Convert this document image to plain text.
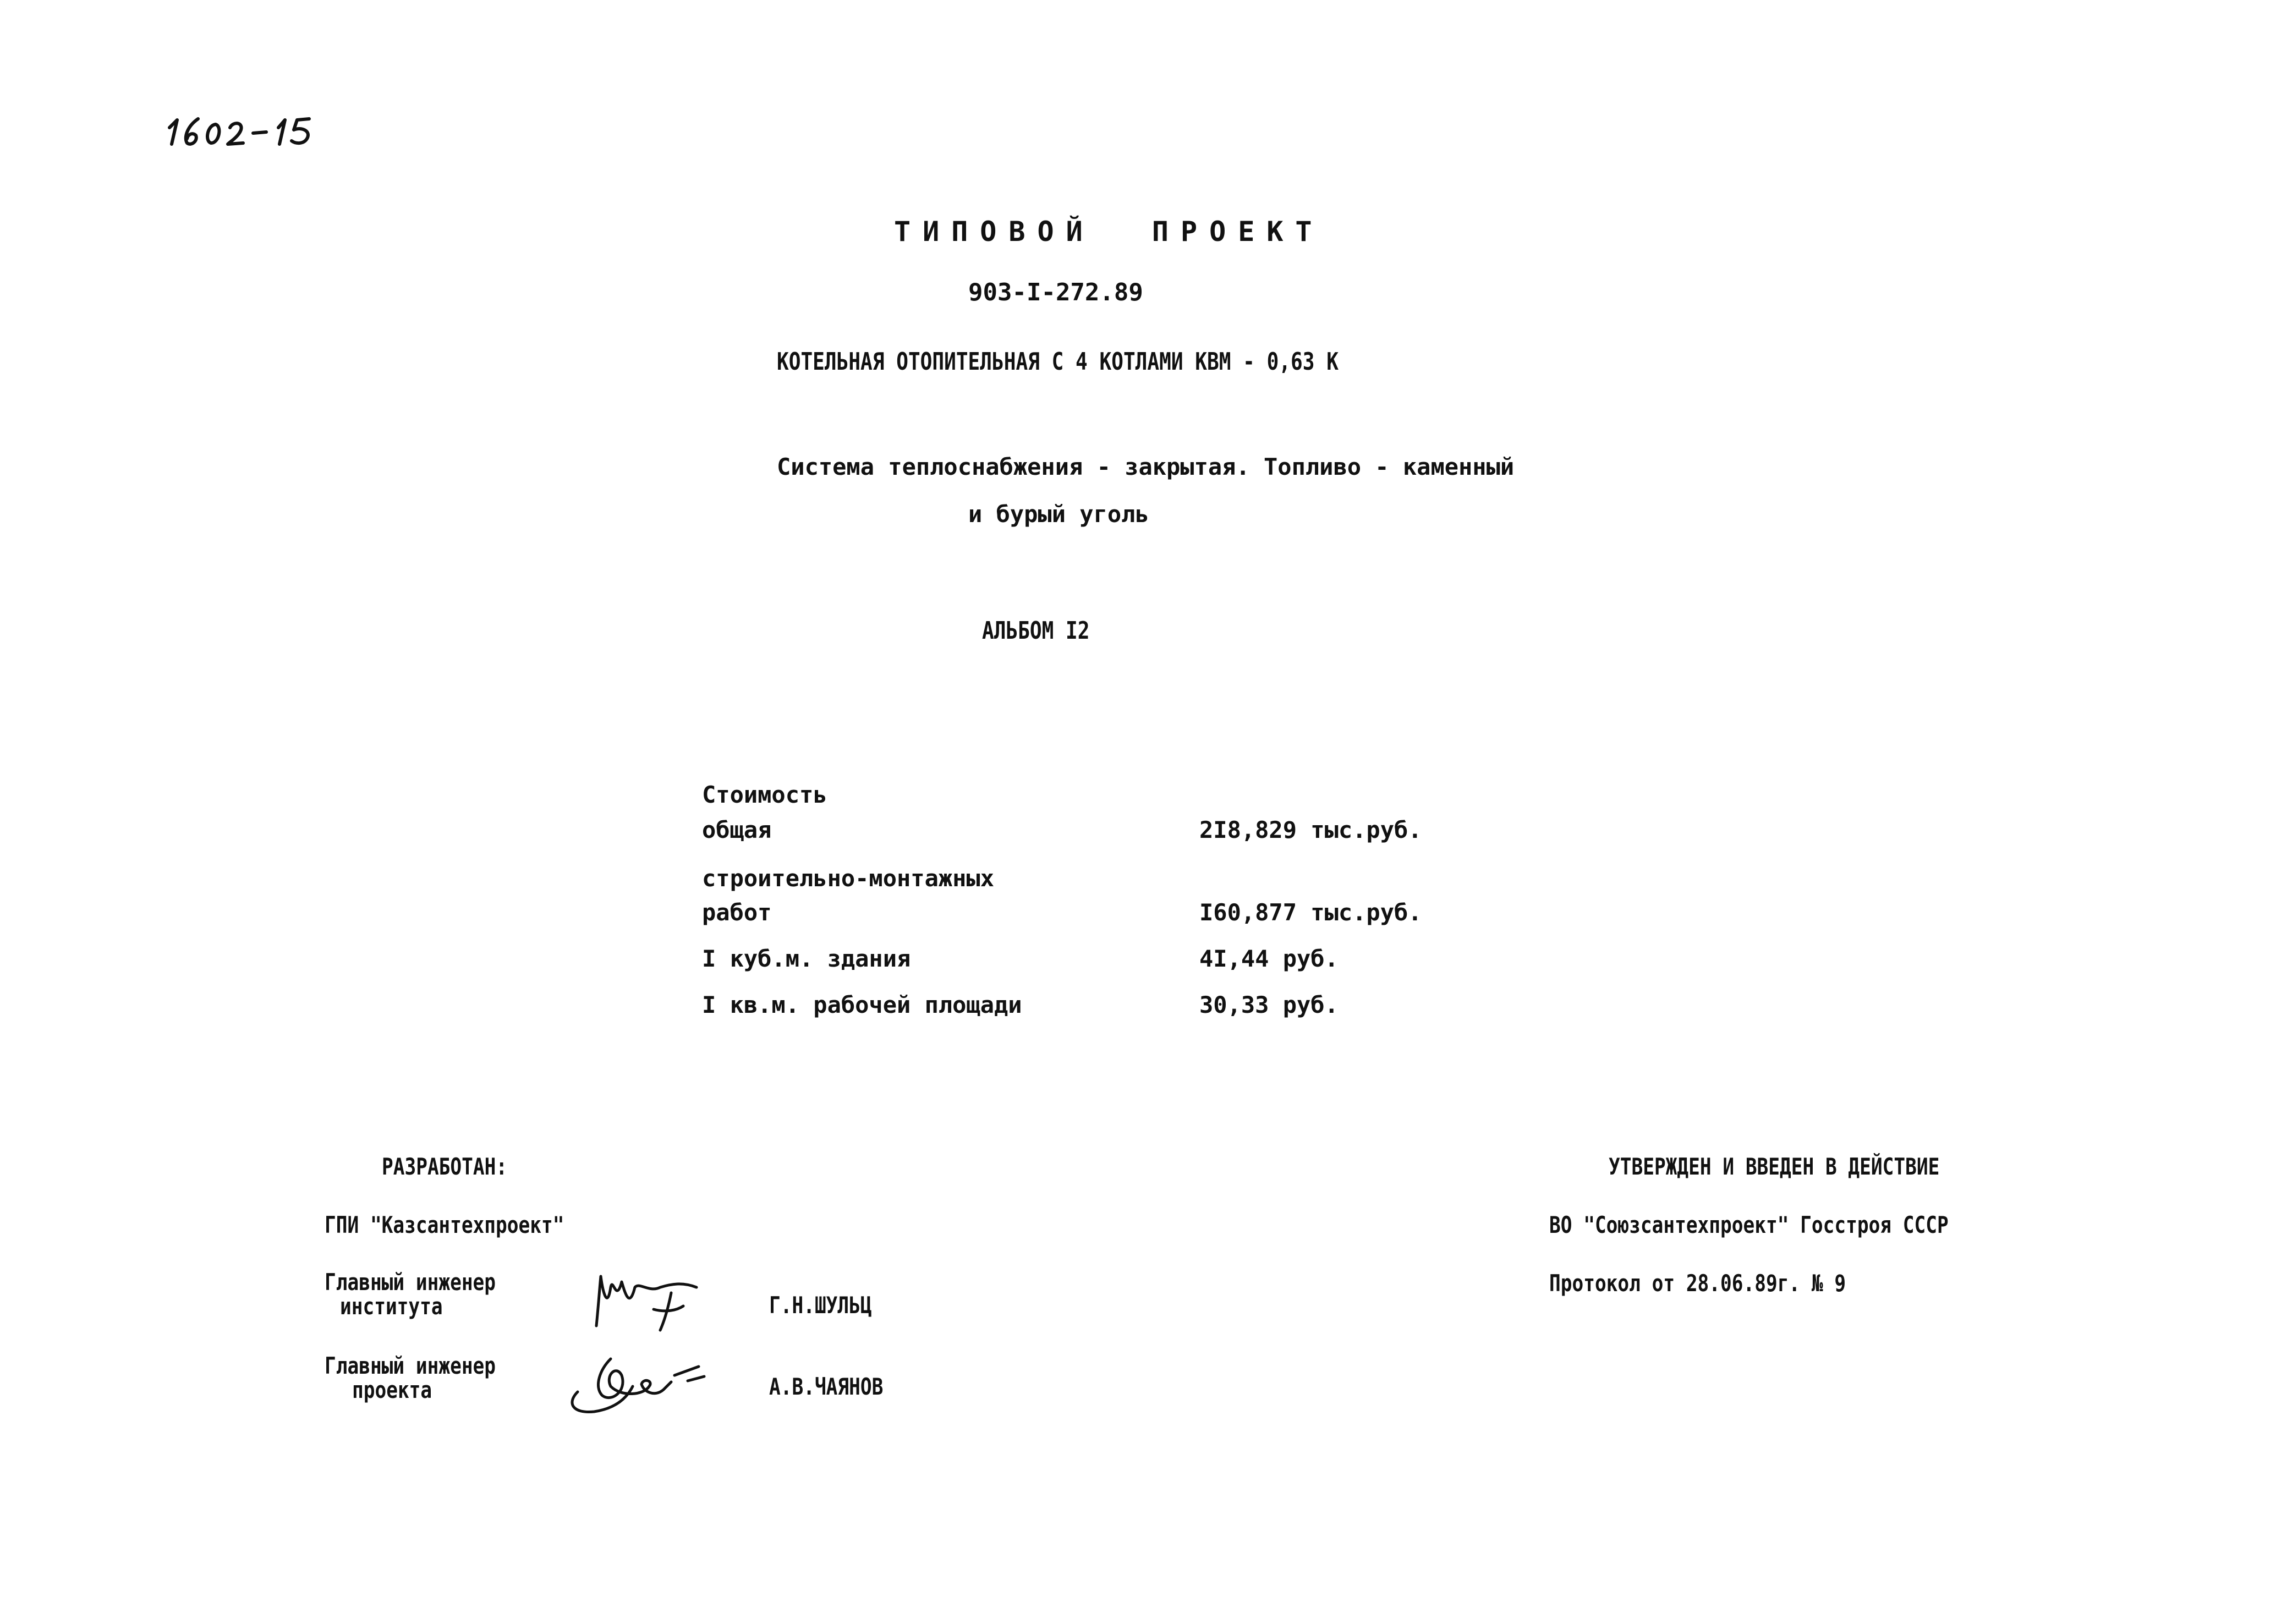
ТИПОВОЙ  ПРОЕКТ
903-I-272.89
КОТЕЛЬНАЯ ОТОПИТЕЛЬНАЯ С 4 КОТЛАМИ КВМ - 0,63 К
Система теплоснабжения - закрытая. Топливо - каменный
и бурый уголь
АЛЬБОМ I2
Стоимость
общая	2I8,829 тыс.руб.
строительно-монтажных
работ	I60,877 тыс.руб.
I куб.м. здания	4I,44 руб.
I кв.м. рабочей площади	30,33 руб.
РАЗРАБОТАН:
ГПИ "Казсантехпроект"
Главный инженер
института	Г.Н.ШУЛЬЦ
Главный инженер
проекта	А.В.ЧАЯНОВ
УТВЕРЖДЕН И ВВЕДЕН В ДЕЙСТВИЕ
ВО "Союзсантехпроект" Госстроя СССР
Протокол от 28.06.89г. № 9
